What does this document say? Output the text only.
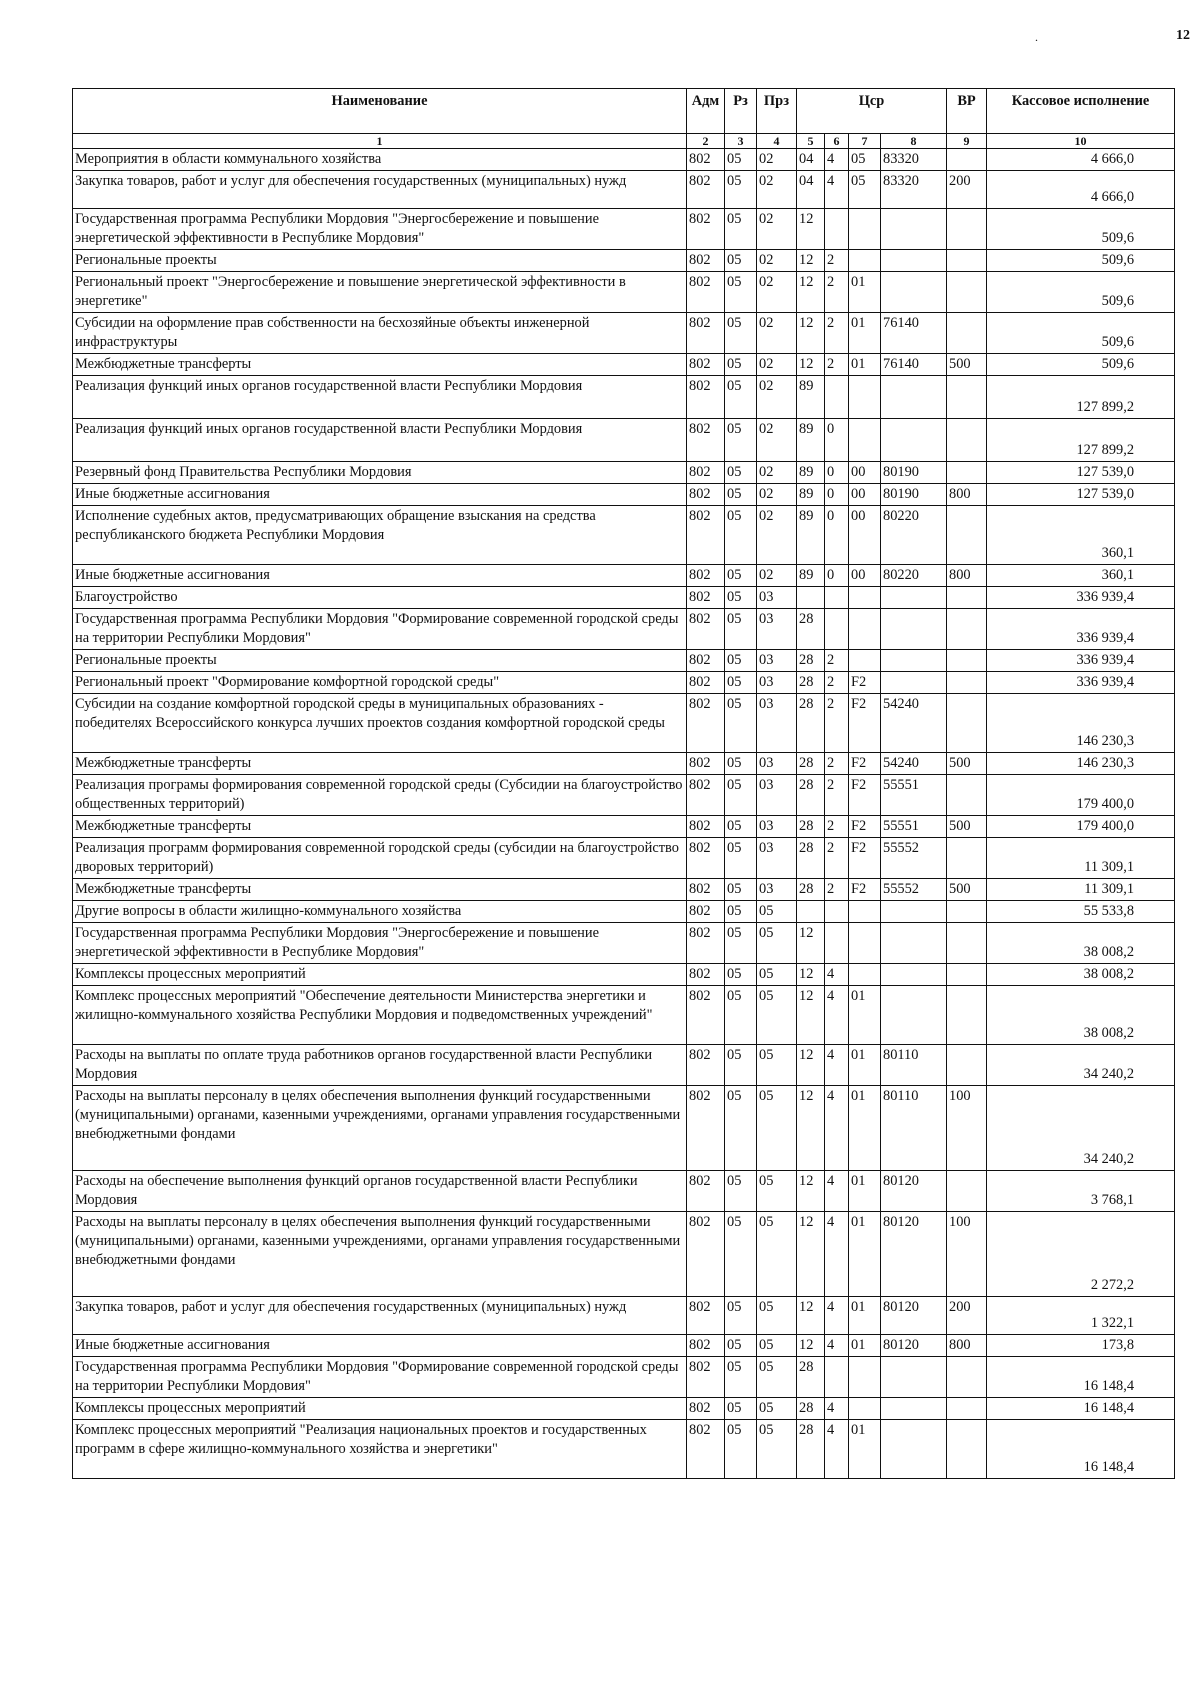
.	12
Наименование	Адм	Рз	Прз	Цср				ВР	Кассовое исполнение
1	2	3	4	5	6	7	8	9	10
Мероприятия в области коммунального хозяйства	802	05	02	04	4	05	83320		4 666,0
Закупка товаров, работ и услуг для обеспечения государственных (муниципальных) нужд	802	05	02	04	4	05	83320	200	4 666,0
Государственная программа Республики Мордовия "Энергосбережение и повышение энергетической эффективности в Республике Мордовия"	802	05	02	12					509,6
Региональные проекты	802	05	02	12	2				509,6
Региональный проект "Энергосбережение и повышение энергетической эффективности в энергетике"	802	05	02	12	2	01			509,6
Субсидии на оформление прав собственности на бесхозяйные объекты инженерной инфраструктуры	802	05	02	12	2	01	76140		509,6
Межбюджетные трансферты	802	05	02	12	2	01	76140	500	509,6
Реализация функций иных органов государственной власти Республики Мордовия	802	05	02	89					127 899,2
Реализация функций иных органов государственной власти Республики Мордовия	802	05	02	89	0				127 899,2
Резервный фонд Правительства Республики Мордовия	802	05	02	89	0	00	80190		127 539,0
Иные бюджетные ассигнования	802	05	02	89	0	00	80190	800	127 539,0
Исполнение судебных актов, предусматривающих обращение взыскания на средства республиканского бюджета Республики Мордовия	802	05	02	89	0	00	80220		360,1
Иные бюджетные ассигнования	802	05	02	89	0	00	80220	800	360,1
Благоустройство	802	05	03						336 939,4
Государственная программа Республики Мордовия "Формирование современной городской среды на территории Республики Мордовия"	802	05	03	28					336 939,4
Региональные проекты	802	05	03	28	2				336 939,4
Региональный проект "Формирование комфортной городской среды"	802	05	03	28	2	F2			336 939,4
Субсидии на создание комфортной городской среды в муниципальных образованиях - победителях Всероссийского конкурса лучших проектов создания комфортной городской среды	802	05	03	28	2	F2	54240		146 230,3
Межбюджетные трансферты	802	05	03	28	2	F2	54240	500	146 230,3
Реализация програмы формирования современной городской среды (Субсидии на благоустройство общественных территорий)	802	05	03	28	2	F2	55551		179 400,0
Межбюджетные трансферты	802	05	03	28	2	F2	55551	500	179 400,0
Реализация программ формирования современной городской среды (субсидии на благоустройство дворовых территорий)	802	05	03	28	2	F2	55552		11 309,1
Межбюджетные трансферты	802	05	03	28	2	F2	55552	500	11 309,1
Другие вопросы в области жилищно-коммунального хозяйства	802	05	05						55 533,8
Государственная программа Республики Мордовия "Энергосбережение и повышение энергетической эффективности в Республике Мордовия"	802	05	05	12					38 008,2
Комплексы процессных мероприятий	802	05	05	12	4				38 008,2
Комплекс процессных мероприятий "Обеспечение деятельности Министерства энергетики и жилищно-коммунального хозяйства Республики Мордовия и подведомственных учреждений"	802	05	05	12	4	01			38 008,2
Расходы на выплаты по оплате труда работников органов государственной власти Республики Мордовия	802	05	05	12	4	01	80110		34 240,2
Расходы на выплаты персоналу в целях обеспечения выполнения функций государственными (муниципальными) органами, казенными учреждениями, органами управления государственными внебюджетными фондами	802	05	05	12	4	01	80110	100	34 240,2
Расходы на обеспечение выполнения функций органов государственной власти Республики Мордовия	802	05	05	12	4	01	80120		3 768,1
Расходы на выплаты персоналу в целях обеспечения выполнения функций государственными (муниципальными) органами, казенными учреждениями, органами управления государственными внебюджетными фондами	802	05	05	12	4	01	80120	100	2 272,2
Закупка товаров, работ и услуг для обеспечения государственных (муниципальных) нужд	802	05	05	12	4	01	80120	200	1 322,1
Иные бюджетные ассигнования	802	05	05	12	4	01	80120	800	173,8
Государственная программа Республики Мордовия "Формирование современной городской среды на территории Республики Мордовия"	802	05	05	28					16 148,4
Комплексы процессных мероприятий	802	05	05	28	4				16 148,4
Комплекс процессных мероприятий "Реализация национальных проектов и государственных программ в сфере жилищно-коммунального хозяйства и энергетики"	802	05	05	28	4	01			16 148,4
